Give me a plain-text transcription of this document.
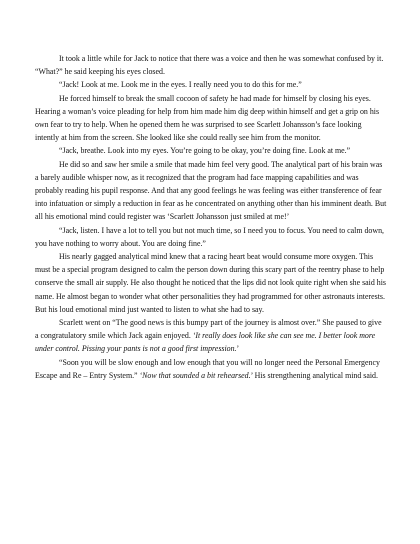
It took a little while for Jack to notice that there was a voice and then he was somewhat confused by it. “What?” he said keeping his eyes closed.

“Jack! Look at me. Look me in the eyes. I really need you to do this for me.”

He forced himself to break the small cocoon of safety he had made for himself by closing his eyes. Hearing a woman’s voice pleading for help from him made him dig deep within himself and get a grip on his own fear to try to help. When he opened them he was surprised to see Scarlett Johansson’s face looking intently at him from the screen. She looked like she could really see him from the monitor.

“Jack, breathe. Look into my eyes. You’re going to be okay, you’re doing fine. Look at me.”

He did so and saw her smile a smile that made him feel very good. The analytical part of his brain was a barely audible whisper now, as it recognized that the program had face mapping capabilities and was probably reading his pupil response. And that any good feelings he was feeling was either transference of fear into infatuation or simply a reduction in fear as he concentrated on anything other than his imminent death. But all his emotional mind could register was ‘Scarlett Johansson just smiled at me!’

“Jack, listen. I have a lot to tell you but not much time, so I need you to focus. You need to calm down, you have nothing to worry about. You are doing fine.”

His nearly gagged analytical mind knew that a racing heart beat would consume more oxygen. This must be a special program designed to calm the person down during this scary part of the reentry phase to help conserve the small air supply. He also thought he noticed that the lips did not look quite right when she said his name. He almost began to wonder what other personalities they had programmed for other astronauts interests. But his loud emotional mind just wanted to listen to what she had to say.

Scarlett went on “The good news is this bumpy part of the journey is almost over.” She paused to give a congratulatory smile which Jack again enjoyed. ‘It really does look like she can see me. I better look more under control. Pissing your pants is not a good first impression.’

“Soon you will be slow enough and low enough that you will no longer need the Personal Emergency Escape and Re – Entry System.” ‘Now that sounded a bit rehearsed.’ His strengthening analytical mind said.
